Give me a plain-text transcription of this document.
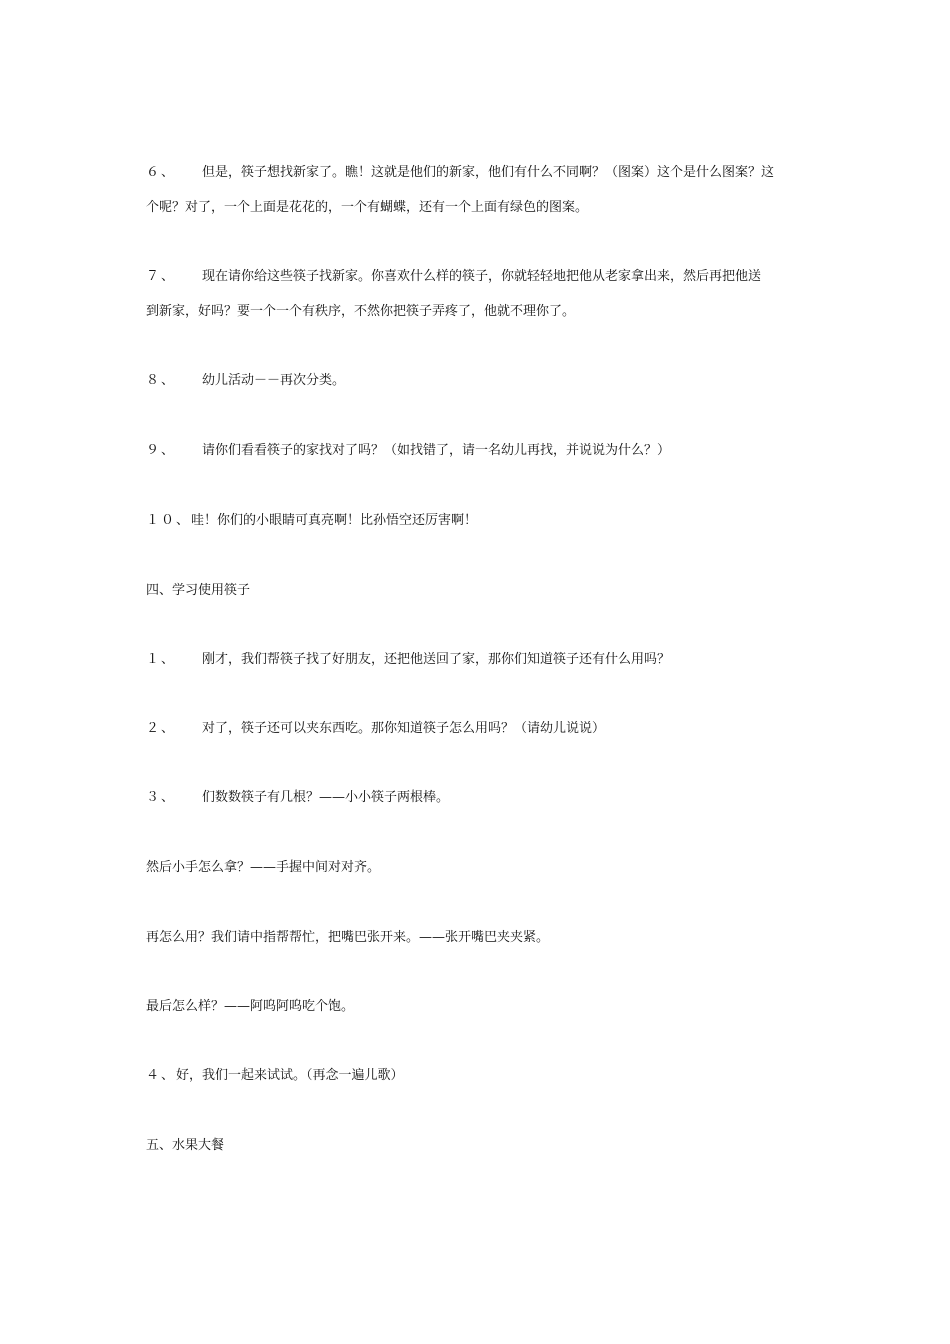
６、 但是，筷子想找新家了。瞧！这就是他们的新家，他们有什么不同啊？（图案）这个是什么图案？这
个呢？对了，一个上面是花花的，一个有蝴蝶，还有一个上面有绿色的图案。
７、 现在请你给这些筷子找新家。你喜欢什么样的筷子，你就轻轻地把他从老家拿出来，然后再把他送
到新家，好吗？要一个一个有秩序，不然你把筷子弄疼了，他就不理你了。
８、 幼儿活动－－再次分类。
９、 请你们看看筷子的家找对了吗？（如找错了，请一名幼儿再找，并说说为什么？）
１０、哇！你们的小眼睛可真亮啊！比孙悟空还厉害啊！
四、学习使用筷子
１、 刚才，我们帮筷子找了好朋友，还把他送回了家，那你们知道筷子还有什么用吗？
２、 对了，筷子还可以夹东西吃。那你知道筷子怎么用吗？（请幼儿说说）
３、 们数数筷子有几根？——小小筷子两根棒。
然后小手怎么拿？——手握中间对对齐。
再怎么用？我们请中指帮帮忙，把嘴巴张开来。——张开嘴巴夹夹紧。
最后怎么样？——阿呜阿呜吃个饱。
４、好，我们一起来试试。（再念一遍儿歌）
五、水果大餐
